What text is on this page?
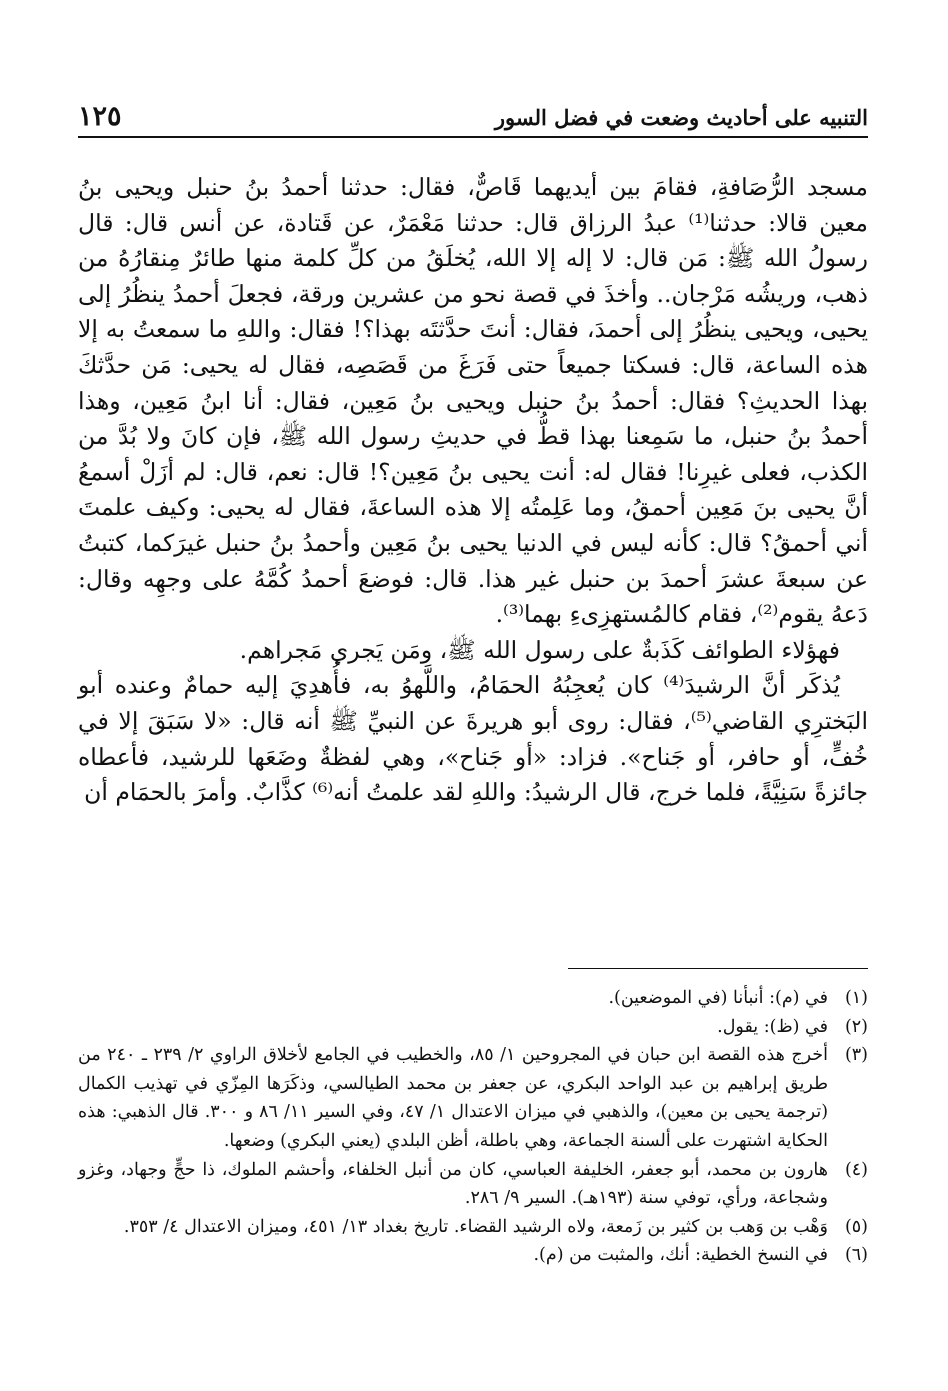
التنبيه على أحاديث وضعت في فضل السور
١٢٥

مسجد الرُّصَافةِ، فقامَ بين أيديهما قَاصٌّ، فقال: حدثنا أحمدُ بنُ حنبل ويحيى بنُ معين قالا: حدثنا⁽¹⁾ عبدُ الرزاق قال: حدثنا مَعْمَرٌ، عن قَتادة، عن أنس قال: قال رسولُ الله ﷺ: مَن قال: لا إله إلا الله، يُخلَقُ من كلِّ كلمة منها طائرٌ مِنقارُهُ من ذهب، وريشُه مَرْجان.. وأخذَ في قصة نحو من عشرين ورقة، فجعلَ أحمدُ ينظُرُ إلى يحيى، ويحيى ينظُرُ إلى أحمدَ، فقال: أنتَ حدَّثتَه بهذا؟! فقال: واللهِ ما سمعتُ به إلا هذه الساعة، قال: فسكتا جميعاً حتى فَرَغَ من قَصَصِه، فقال له يحيى: مَن حدَّثكَ بهذا الحديثِ؟ فقال: أحمدُ بنُ حنبل ويحيى بنُ مَعِين، فقال: أنا ابنُ مَعِين، وهذا أحمدُ بنُ حنبل، ما سَمِعنا بهذا قطُّ في حديثِ رسول الله ﷺ، فإن كانَ ولا بُدَّ من الكذب، فعلى غيرِنا! فقال له: أنت يحيى بنُ مَعِين؟! قال: نعم، قال: لم أزَلْ أسمعُ أنَّ يحيى بنَ مَعِين أحمقُ، وما عَلِمتُه إلا هذه الساعةَ، فقال له يحيى: وكيف علمتَ أني أحمقُ؟ قال: كأنه ليس في الدنيا يحيى بنُ مَعِين وأحمدُ بنُ حنبل غيرَكما، كتبتُ عن سبعةَ عشرَ أحمدَ بن حنبل غير هذا. قال: فوضعَ أحمدُ كُمَّهُ على وجهِه وقال: دَعهُ يقوم⁽²⁾، فقام كالمُستهزِىءِ بهما⁽³⁾.

فهؤلاء الطوائف كَذَبةٌ على رسول الله ﷺ، ومَن يَجري مَجراهم.

يُذكَر أنَّ الرشيدَ⁽⁴⁾ كان يُعجِبُهُ الحمَامُ، واللَّهوُ به، فأُهدِيَ إليه حمامٌ وعنده أبو البَخترِي القاضي⁽⁵⁾، فقال: روى أبو هريرةَ عن النبيِّ ﷺ أنه قال: «لا سَبَقَ إلا في خُفٍّ، أو حافر، أو جَناح». فزاد: «أو جَناح»، وهي لفظةٌ وضَعَها للرشيد، فأعطاه جائزةً سَنِيَّةً، فلما خرج، قال الرشيدُ: واللهِ لقد علمتُ أنه⁽⁶⁾ كذَّابٌ. وأمرَ بالحمَام أن

(١)
في (م): أنبأنا (في الموضعين).
(٢)
في (ظ): يقول.
(٣)
أخرج هذه القصة ابن حبان في المجروحين ١/ ٨٥، والخطيب في الجامع لأخلاق الراوي ٢/ ٢٣٩ ـ ٢٤٠ من طريق إبراهيم بن عبد الواحد البكري، عن جعفر بن محمد الطيالسي، وذكَرَها المِزّي في تهذيب الكمال (ترجمة يحيى بن معين)، والذهبي في ميزان الاعتدال ١/ ٤٧، وفي السير ١١/ ٨٦ و ٣٠٠. قال الذهبي: هذه الحكاية اشتهرت على ألسنة الجماعة، وهي باطلة، أظن البلدي (يعني البكري) وضعها.
(٤)
هارون بن محمد، أبو جعفر، الخليفة العباسي، كان من أنبل الخلفاء، وأحشم الملوك، ذا حجٍّ وجهاد، وغزو وشجاعة، ورأي، توفي سنة (١٩٣هـ). السير ٩/ ٢٨٦.
(٥)
وَهْب بن وَهب بن كثير بن زَمعة، ولاه الرشيد القضاء. تاريخ بغداد ١٣/ ٤٥١، وميزان الاعتدال ٤/ ٣٥٣.
(٦)
في النسخ الخطية: أنك، والمثبت من (م).
